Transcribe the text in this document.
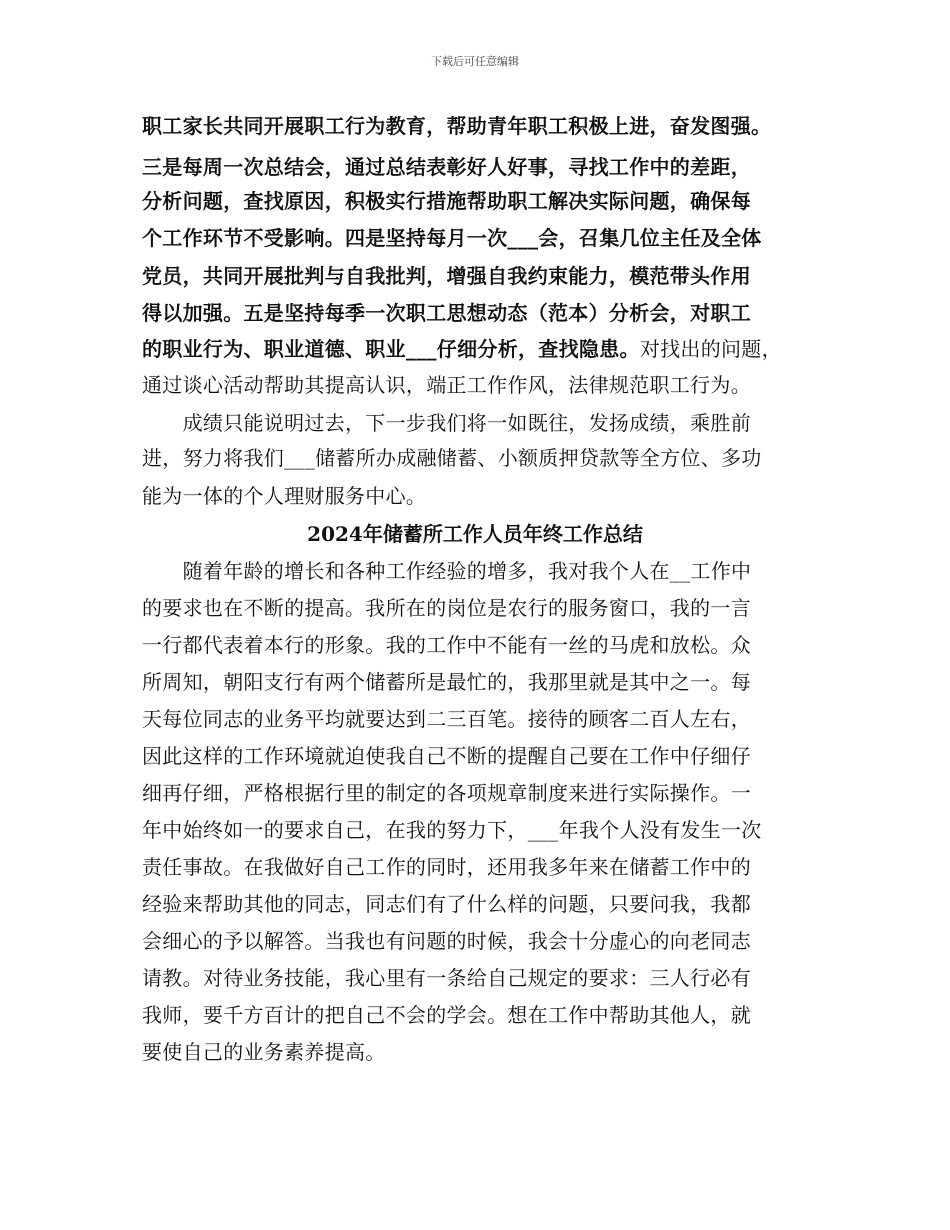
下载后可任意编辑
职工家长共同开展职工行为教育，帮助青年职工积极上进，奋发图强。
三是每周一次总结会，通过总结表彰好人好事，寻找工作中的差距，
分析问题，查找原因，积极实行措施帮助职工解决实际问题，确保每
个工作环节不受影响。四是坚持每月一次___会，召集几位主任及全体
党员，共同开展批判与自我批判，增强自我约束能力，模范带头作用
得以加强。五是坚持每季一次职工思想动态（范本）分析会，对职工
的职业行为、职业道德、职业___仔细分析，查找隐患。对找出的问题，
通过谈心活动帮助其提高认识，端正工作作风，法律规范职工行为。
　　成绩只能说明过去，下一步我们将一如既往，发扬成绩，乘胜前
进，努力将我们___储蓄所办成融储蓄、小额质押贷款等全方位、多功
能为一体的个人理财服务中心。
2024年储蓄所工作人员年终工作总结
　　随着年龄的增长和各种工作经验的增多，我对我个人在__工作中
的要求也在不断的提高。我所在的岗位是农行的服务窗口，我的一言
一行都代表着本行的形象。我的工作中不能有一丝的马虎和放松。众
所周知，朝阳支行有两个储蓄所是最忙的，我那里就是其中之一。每
天每位同志的业务平均就要达到二三百笔。接待的顾客二百人左右，
因此这样的工作环境就迫使我自己不断的提醒自己要在工作中仔细仔
细再仔细，严格根据行里的制定的各项规章制度来进行实际操作。一
年中始终如一的要求自己，在我的努力下，___年我个人没有发生一次
责任事故。在我做好自己工作的同时，还用我多年来在储蓄工作中的
经验来帮助其他的同志，同志们有了什么样的问题，只要问我，我都
会细心的予以解答。当我也有问题的时候，我会十分虚心的向老同志
请教。对待业务技能，我心里有一条给自己规定的要求：三人行必有
我师，要千方百计的把自己不会的学会。想在工作中帮助其他人，就
要使自己的业务素养提高。
